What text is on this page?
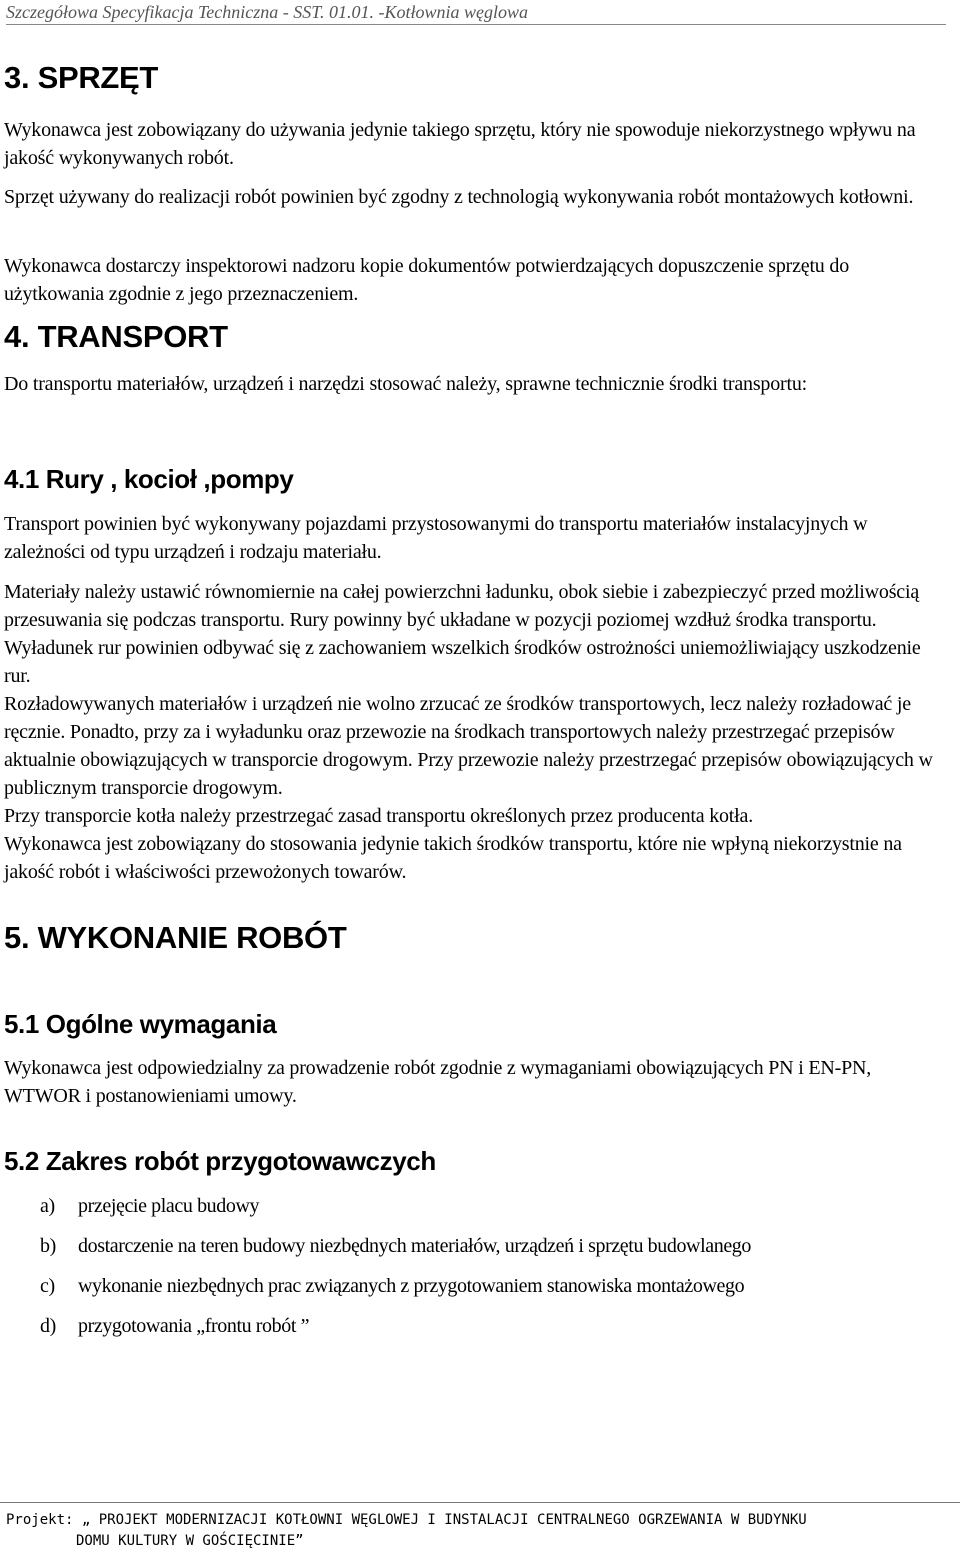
Szczegółowa Specyfikacja Techniczna - SST. 01.01. -Kotłownia węglowa
3. SPRZĘT

Wykonawca jest zobowiązany do używania jedynie takiego sprzętu, który nie spowoduje niekorzystnego wpływu na jakość wykonywanych robót.

Sprzęt używany do realizacji robót powinien być zgodny z technologią wykonywania robót montażowych kotłowni.

Wykonawca dostarczy inspektorowi nadzoru kopie dokumentów potwierdzających dopuszczenie sprzętu do użytkowania zgodnie z jego przeznaczeniem.

4. TRANSPORT

Do transportu materiałów, urządzeń i narzędzi stosować należy, sprawne technicznie środki transportu:

4.1 Rury , kocioł ,pompy

Transport powinien być wykonywany pojazdami przystosowanymi do transportu materiałów instalacyjnych w zależności od typu urządzeń i rodzaju materiału.

Materiały należy ustawić równomiernie na całej powierzchni ładunku, obok siebie i zabezpieczyć przed możliwością przesuwania się podczas transportu. Rury powinny być układane w pozycji poziomej wzdłuż środka transportu. Wyładunek rur powinien odbywać się z zachowaniem wszelkich środków ostrożności uniemożliwiający uszkodzenie rur.

Rozładowywanych materiałów i urządzeń nie wolno zrzucać ze środków transportowych, lecz należy rozładować je ręcznie. Ponadto, przy za i wyładunku oraz przewozie na środkach transportowych należy przestrzegać przepisów aktualnie obowiązujących w transporcie drogowym. Przy przewozie należy przestrzegać przepisów obowiązujących w publicznym transporcie drogowym.

Przy transporcie kotła należy przestrzegać zasad transportu określonych przez producenta kotła.

Wykonawca jest zobowiązany do stosowania jedynie takich środków transportu, które nie wpłyną niekorzystnie na jakość robót i właściwości przewożonych towarów.

5. WYKONANIE ROBÓT
5.1 Ogólne wymagania

Wykonawca jest odpowiedzialny za prowadzenie robót zgodnie z wymaganiami obowiązujących PN i EN-PN, WTWOR i postanowieniami umowy.

5.2 Zakres robót przygotowawczych
a) przejęcie placu budowy
b) dostarczenie na teren budowy niezbędnych materiałów, urządzeń i sprzętu budowlanego
c) wykonanie niezbędnych prac związanych z przygotowaniem stanowiska montażowego
d) przygotowania „frontu robót ”
Projekt: „ PROJEKT MODERNIZACJI KOTŁOWNI WĘGLOWEJ I INSTALACJI CENTRALNEGO OGRZEWANIA W BUDYNKU
DOMU KULTURY W GOŚCIĘCINIE”
